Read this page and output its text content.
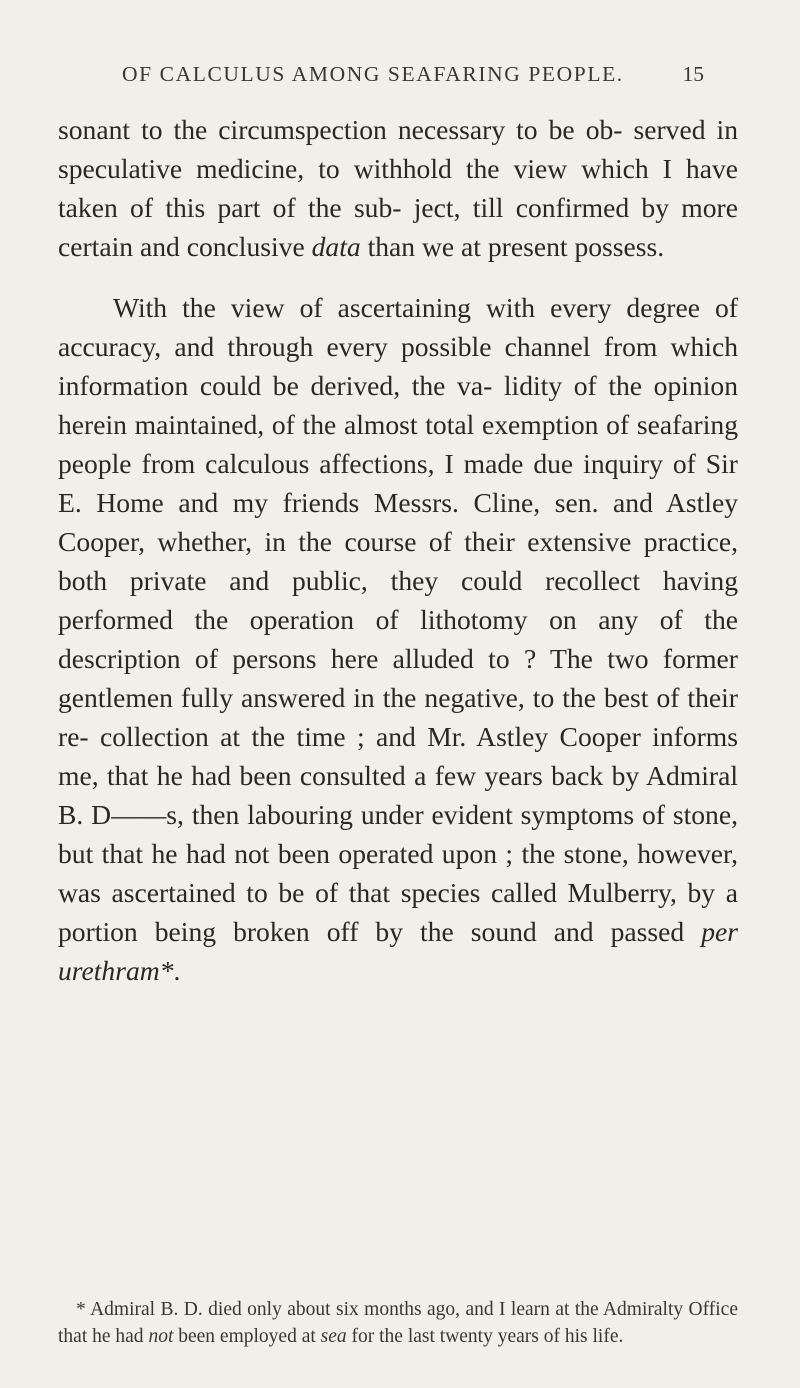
OF CALCULUS AMONG SEAFARING PEOPLE.	15

sonant to the circumspection necessary to be ob- served in speculative medicine, to withhold the view which I have taken of this part of the sub- ject, till confirmed by more certain and conclusive data than we at present possess.

With the view of ascertaining with every degree of accuracy, and through every possible channel from which information could be derived, the va- lidity of the opinion herein maintained, of the almost total exemption of seafaring people from calculous affections, I made due inquiry of Sir E. Home and my friends Messrs. Cline, sen. and Astley Cooper, whether, in the course of their extensive practice, both private and public, they could recollect having performed the operation of lithotomy on any of the description of persons here alluded to ? The two former gentlemen fully answered in the negative, to the best of their re- collection at the time ; and Mr. Astley Cooper informs me, that he had been consulted a few years back by Admiral B. D——s, then labouring under evident symptoms of stone, but that he had not been operated upon ; the stone, however, was ascertained to be of that species called Mulberry, by a portion being broken off by the sound and passed per urethram*.

* Admiral B. D. died only about six months ago, and I learn at the Admiralty Office that he had not been employed at sea for the last twenty years of his life.
